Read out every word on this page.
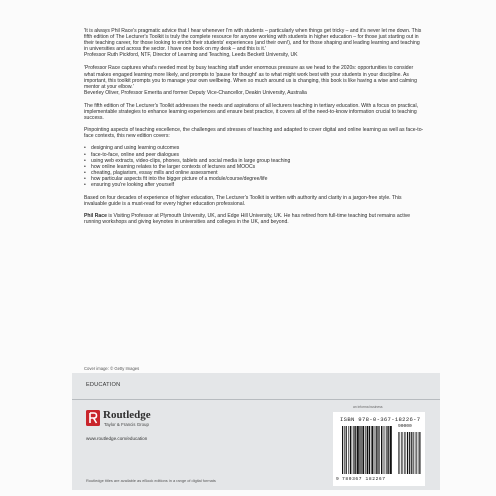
'It is always Phil Race's pragmatic advice that I hear whenever I'm with students – particularly when things get tricky – and it's never let me down. This fifth edition of The Lecturer's Toolkit is truly the complete resource for anyone working with students in higher education – for those just starting out in their teaching career, for those looking to enrich their students' experiences (and their own!), and for those shaping and leading learning and teaching in universities and across the sector. I have one book on my desk – and this is it.'

Professor Ruth Pickford, NTF, Director of Learning and Teaching, Leeds Beckett University, UK

'Professor Race captures what's needed most by busy teaching staff under enormous pressure as we head to the 2020s: opportunities to consider what makes engaged learning more likely, and prompts to 'pause for thought' as to what might work best with your students in your discipline. As important, this toolkit prompts you to manage your own wellbeing. When so much around us is changing, this book is like having a wise and calming mentor at your elbow.'

Beverley Oliver, Professor Emerita and former Deputy Vice-Chancellor, Deakin University, Australia

The fifth edition of The Lecturer's Toolkit addresses the needs and aspirations of all lecturers teaching in tertiary education. With a focus on practical, implementable strategies to enhance learning experiences and ensure best practice, it covers all of the need-to-know information crucial to teaching success.

Pinpointing aspects of teaching excellence, the challenges and stresses of teaching and adapted to cover digital and online learning as well as face-to-face contexts, this new edition covers:

• designing and using learning outcomes
• face-to-face, online and peer dialogues
• using web extracts, video-clips, phones, tablets and social media in large group teaching
• how online learning relates to the larger contexts of lectures and MOOCs
• cheating, plagiarism, essay mills and online assessment
• how particular aspects fit into the bigger picture of a module/course/degree/life
• ensuring you're looking after yourself

Based on four decades of experience of higher education, The Lecturer's Toolkit is written with authority and clarity in a jargon-free style. This invaluable guide is a must-read for every higher education professional.

Phil Race is Visiting Professor at Plymouth University, UK, and Edge Hill University, UK. He has retired from full-time teaching but remains active running workshops and giving keynotes in universities and colleges in the UK, and beyond.

Cover image: © Getty Images
EDUCATION
Routledge
Taylor & Francis Group
www.routledge.com/education
Routledge titles are available as eBook editions in a range of digital formats
an informa business
ISBN 978-0-367-18226-7
9 780367 182267
90000
